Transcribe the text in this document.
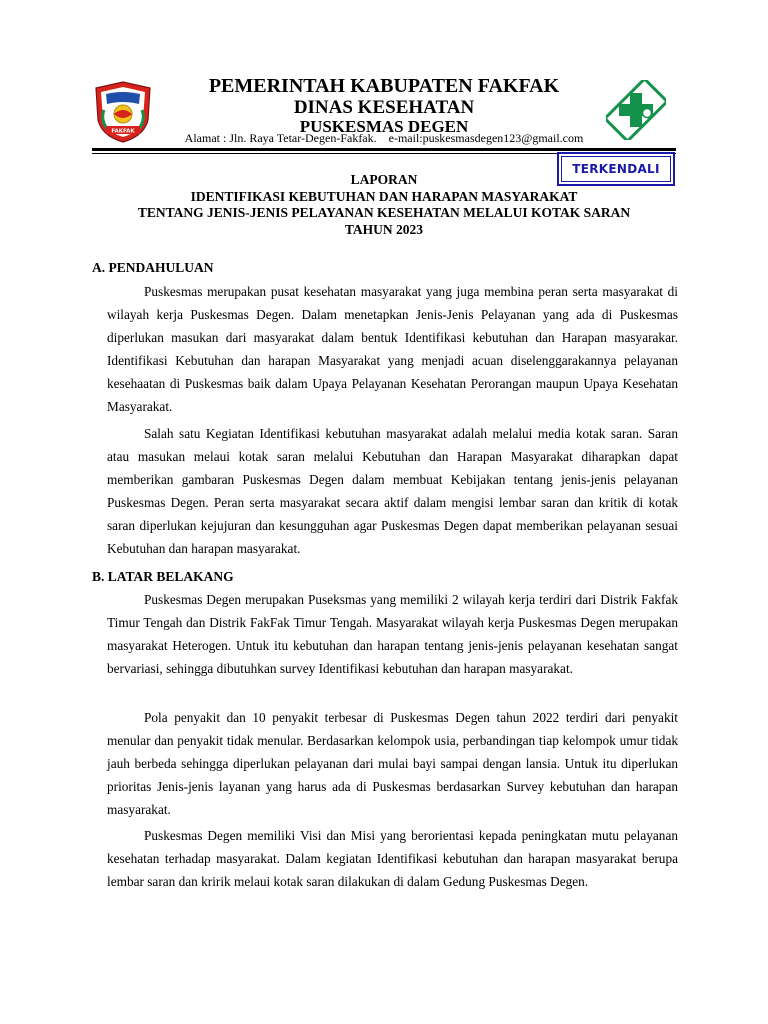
FAKFAK
PEMERINTAH KABUPATEN FAKFAK
DINAS KESEHATAN
PUSKESMAS DEGEN
Alamat : Jln. Raya Tetar-Degen-Fakfak. e-mail:puskesmasdegen123@gmail.com
TERKENDALI
LAPORAN
IDENTIFIKASI KEBUTUHAN DAN HARAPAN MASYARAKAT
TENTANG JENIS-JENIS PELAYANAN KESEHATAN MELALUI KOTAK SARAN
TAHUN 2023
A. PENDAHULUAN

Puskesmas merupakan pusat kesehatan masyarakat yang juga membina peran serta masyarakat di wilayah kerja Puskesmas Degen. Dalam menetapkan Jenis-Jenis Pelayanan yang ada di Puskesmas diperlukan masukan dari masyarakat dalam bentuk Identifikasi kebutuhan dan Harapan masyarakar. Identifikasi Kebutuhan dan harapan Masyarakat yang menjadi acuan diselenggarakannya pelayanan kesehaatan di Puskesmas baik dalam Upaya Pelayanan Kesehatan Perorangan maupun Upaya Kesehatan Masyarakat.

Salah satu Kegiatan Identifikasi kebutuhan masyarakat adalah melalui media kotak saran. Saran atau masukan melaui kotak saran melalui Kebutuhan dan Harapan Masyarakat diharapkan dapat memberikan gambaran Puskesmas Degen dalam membuat Kebijakan tentang jenis-jenis pelayanan Puskesmas Degen. Peran serta masyarakat secara aktif dalam mengisi lembar saran dan kritik di kotak saran diperlukan kejujuran dan kesungguhan agar Puskesmas Degen dapat memberikan pelayanan sesuai Kebutuhan dan harapan masyarakat.

B. LATAR BELAKANG

Puskesmas Degen merupakan Puseksmas yang memiliki 2 wilayah kerja terdiri dari Distrik Fakfak Timur Tengah dan Distrik FakFak Timur Tengah. Masyarakat wilayah kerja Puskesmas Degen merupakan masyarakat Heterogen. Untuk itu kebutuhan dan harapan tentang jenis-jenis pelayanan kesehatan sangat bervariasi, sehingga dibutuhkan survey Identifikasi kebutuhan dan harapan masyarakat.

Pola penyakit dan 10 penyakit terbesar di Puskesmas Degen tahun 2022 terdiri dari penyakit menular dan penyakit tidak menular. Berdasarkan kelompok usia, perbandingan tiap kelompok umur tidak jauh berbeda sehingga diperlukan pelayanan dari mulai bayi sampai dengan lansia. Untuk itu diperlukan prioritas Jenis-jenis layanan yang harus ada di Puskesmas berdasarkan Survey kebutuhan dan harapan masyarakat.

Puskesmas Degen memiliki Visi dan Misi yang berorientasi kepada peningkatan mutu pelayanan kesehatan terhadap masyarakat. Dalam kegiatan Identifikasi kebutuhan dan harapan masyarakat berupa lembar saran dan kririk melaui kotak saran dilakukan di dalam Gedung Puskesmas Degen.
